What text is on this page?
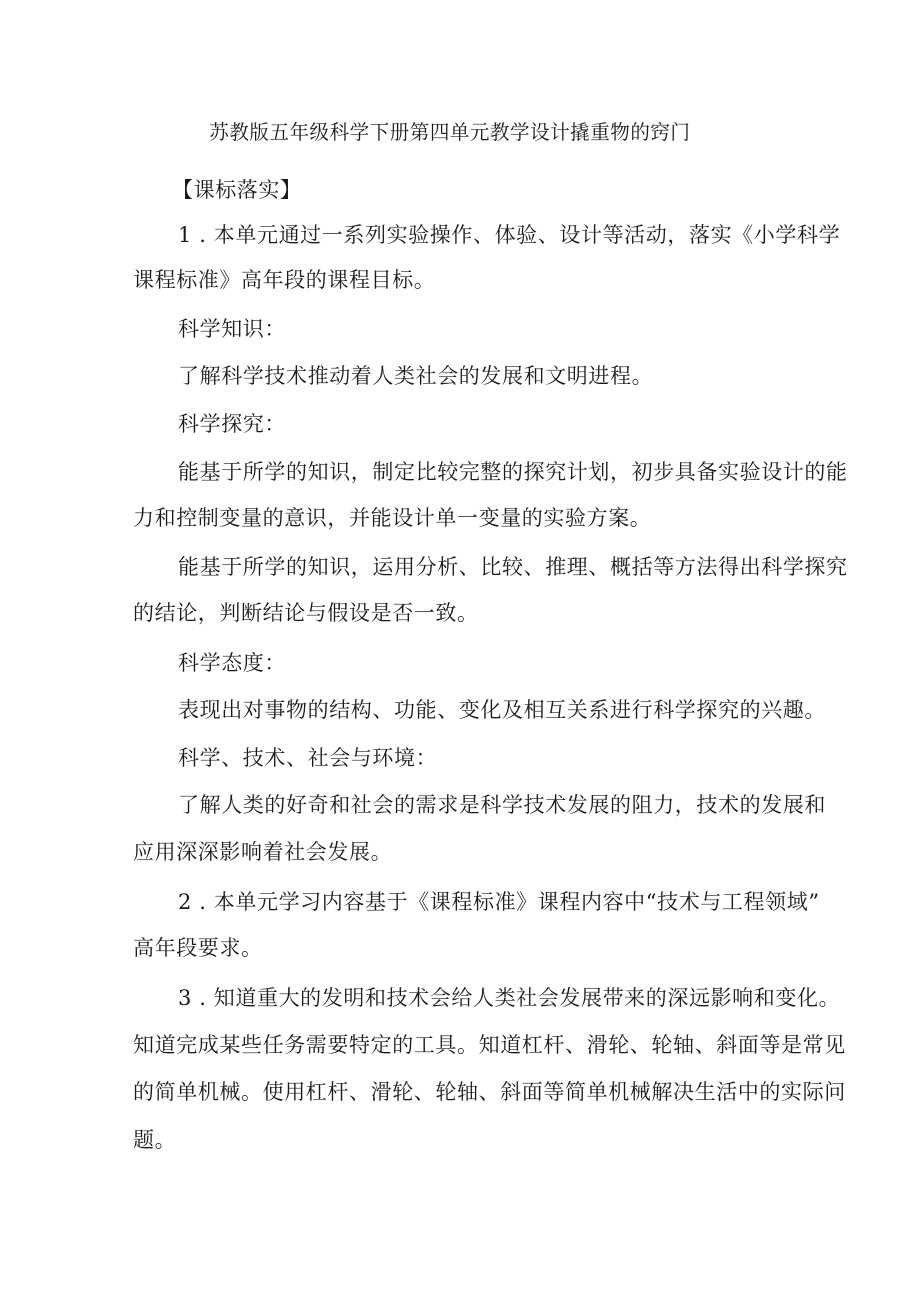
苏教版五年级科学下册第四单元教学设计撬重物的窍门

【课标落实】

1 . 本单元通过一系列实验操作、体验、设计等活动，落实《小学科学

课程标准》高年段的课程目标。

科学知识：

了解科学技术推动着人类社会的发展和文明进程。

科学探究：

能基于所学的知识，制定比较完整的探究计划，初步具备实验设计的能

力和控制变量的意识，并能设计单一变量的实验方案。

能基于所学的知识，运用分析、比较、推理、概括等方法得出科学探究

的结论，判断结论与假设是否一致。

科学态度：

表现出对事物的结构、功能、变化及相互关系进行科学探究的兴趣。

科学、技术、社会与环境：

了解人类的好奇和社会的需求是科学技术发展的阻力，技术的发展和

应用深深影响着社会发展。

2 . 本单元学习内容基于《课程标准》课程内容中“技术与工程领域”

高年段要求。

3 . 知道重大的发明和技术会给人类社会发展带来的深远影响和变化。

知道完成某些任务需要特定的工具。知道杠杆、滑轮、轮轴、斜面等是常见

的简单机械。使用杠杆、滑轮、轮轴、斜面等简单机械解决生活中的实际问

题。
